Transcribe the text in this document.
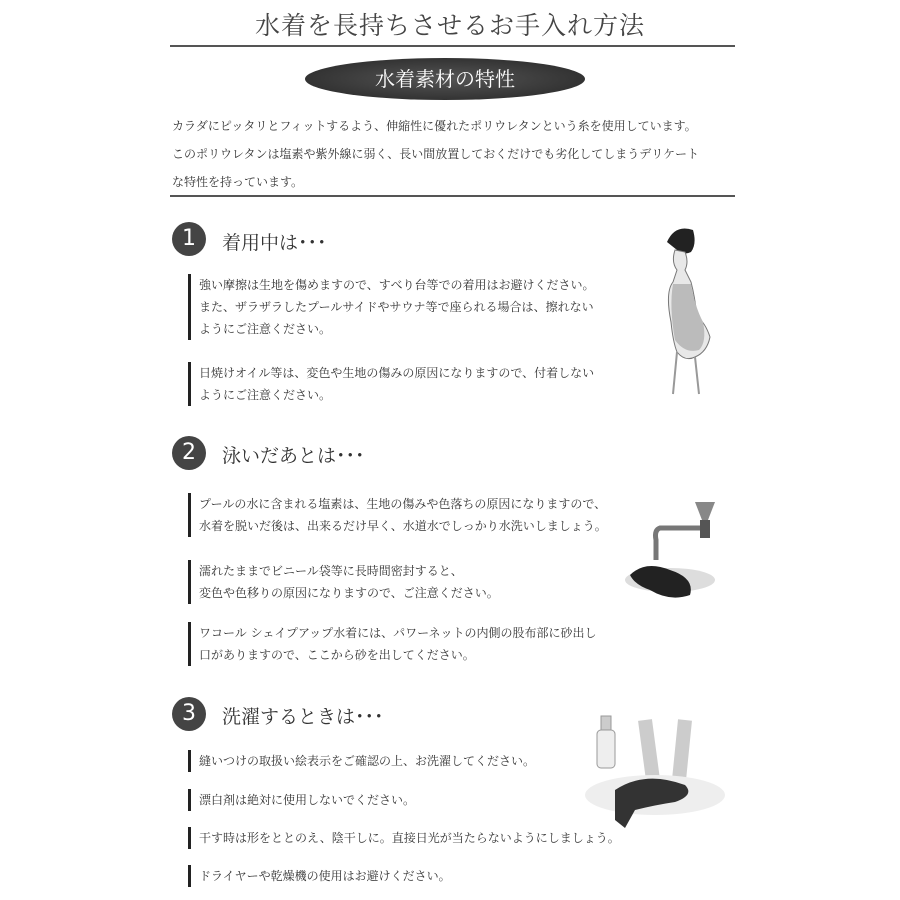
水着を長持ちさせるお手入れ方法
水着素材の特性
カラダにピッタリとフィットするよう、伸縮性に優れたポリウレタンという糸を使用しています。
このポリウレタンは塩素や紫外線に弱く、長い間放置しておくだけでも劣化してしまうデリケート
な特性を持っています。
1	着用中は･･･
強い摩擦は生地を傷めますので、すべり台等での着用はお避けください。
また、ザラザラしたプールサイドやサウナ等で座られる場合は、擦れない
ようにご注意ください。
日焼けオイル等は、変色や生地の傷みの原因になりますので、付着しない
ようにご注意ください。
2	泳いだあとは･･･
プールの水に含まれる塩素は、生地の傷みや色落ちの原因になりますので、
水着を脱いだ後は、出来るだけ早く、水道水でしっかり水洗いしましょう。
濡れたままでビニール袋等に長時間密封すると、
変色や色移りの原因になりますので、ご注意ください。
ワコール シェイプアップ水着には、パワーネットの内側の股布部に砂出し
口がありますので、ここから砂を出してください。
3	洗濯するときは･･･
縫いつけの取扱い絵表示をご確認の上、お洗濯してください。
漂白剤は絶対に使用しないでください。
干す時は形をととのえ、陰干しに。直接日光が当たらないようにしましょう。
ドライヤーや乾燥機の使用はお避けください。
